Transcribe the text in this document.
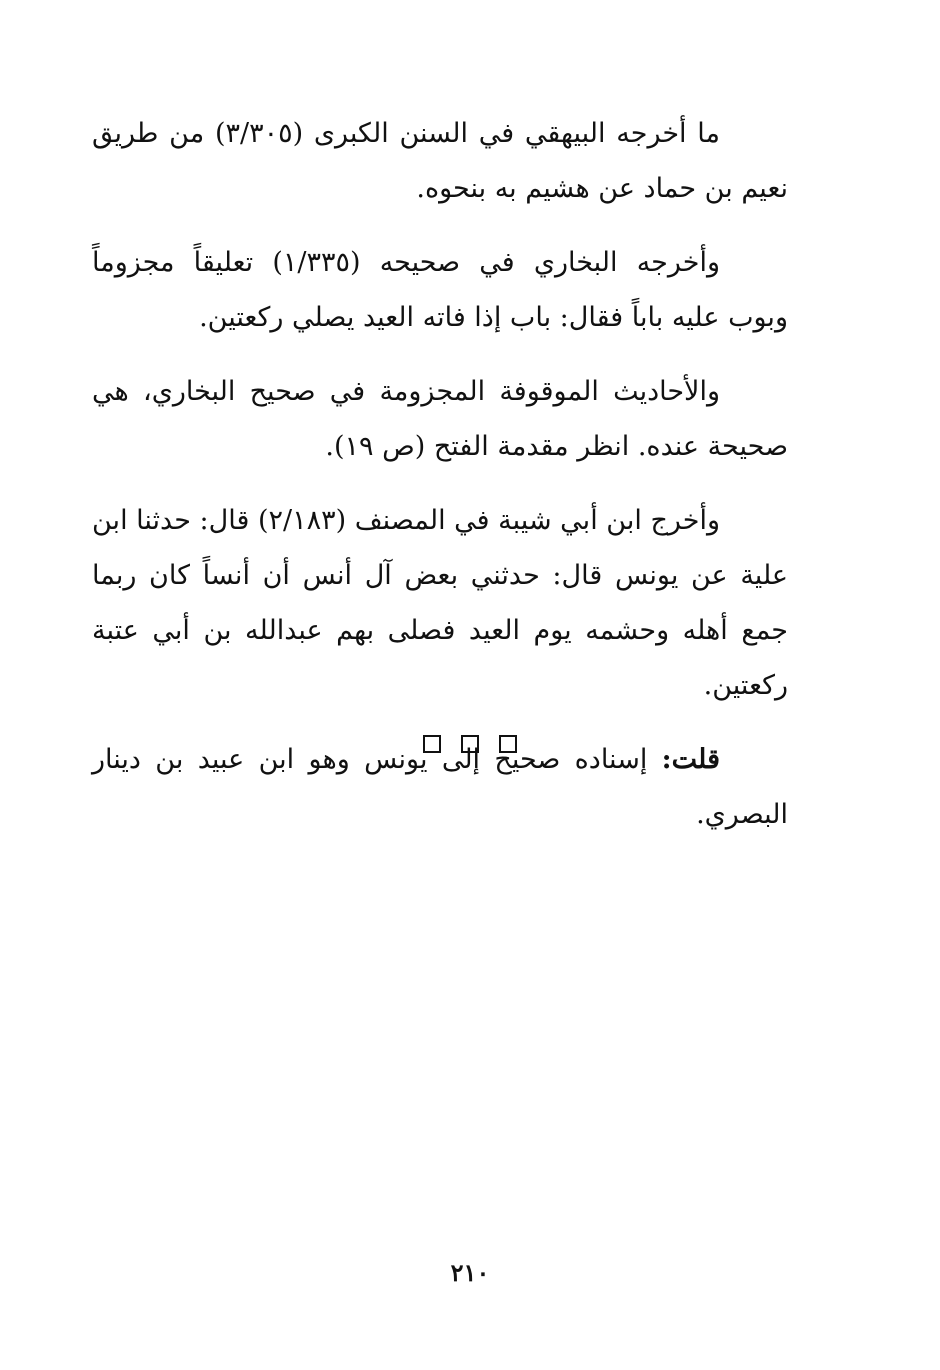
ما أخرجه البيهقي في السنن الكبرى (٣/٣٠٥) من طريق نعيم بن حماد عن هشيم به بنحوه.

وأخرجه البخاري في صحيحه (١/٣٣٥) تعليقاً مجزوماً وبوب عليه باباً فقال: باب إذا فاته العيد يصلي ركعتين.

والأحاديث الموقوفة المجزومة في صحيح البخاري، هي صحيحة عنده. انظر مقدمة الفتح (ص ١٩).

وأخرج ابن أبي شيبة في المصنف (٢/١٨٣) قال: حدثنا ابن علية عن يونس قال: حدثني بعض آل أنس أن أنساً كان ربما جمع أهله وحشمه يوم العيد فصلى بهم عبدالله بن أبي عتبة ركعتين.

قلت: إسناده صحيح إلى يونس وهو ابن عبيد بن دينار البصري.

٢١٠
